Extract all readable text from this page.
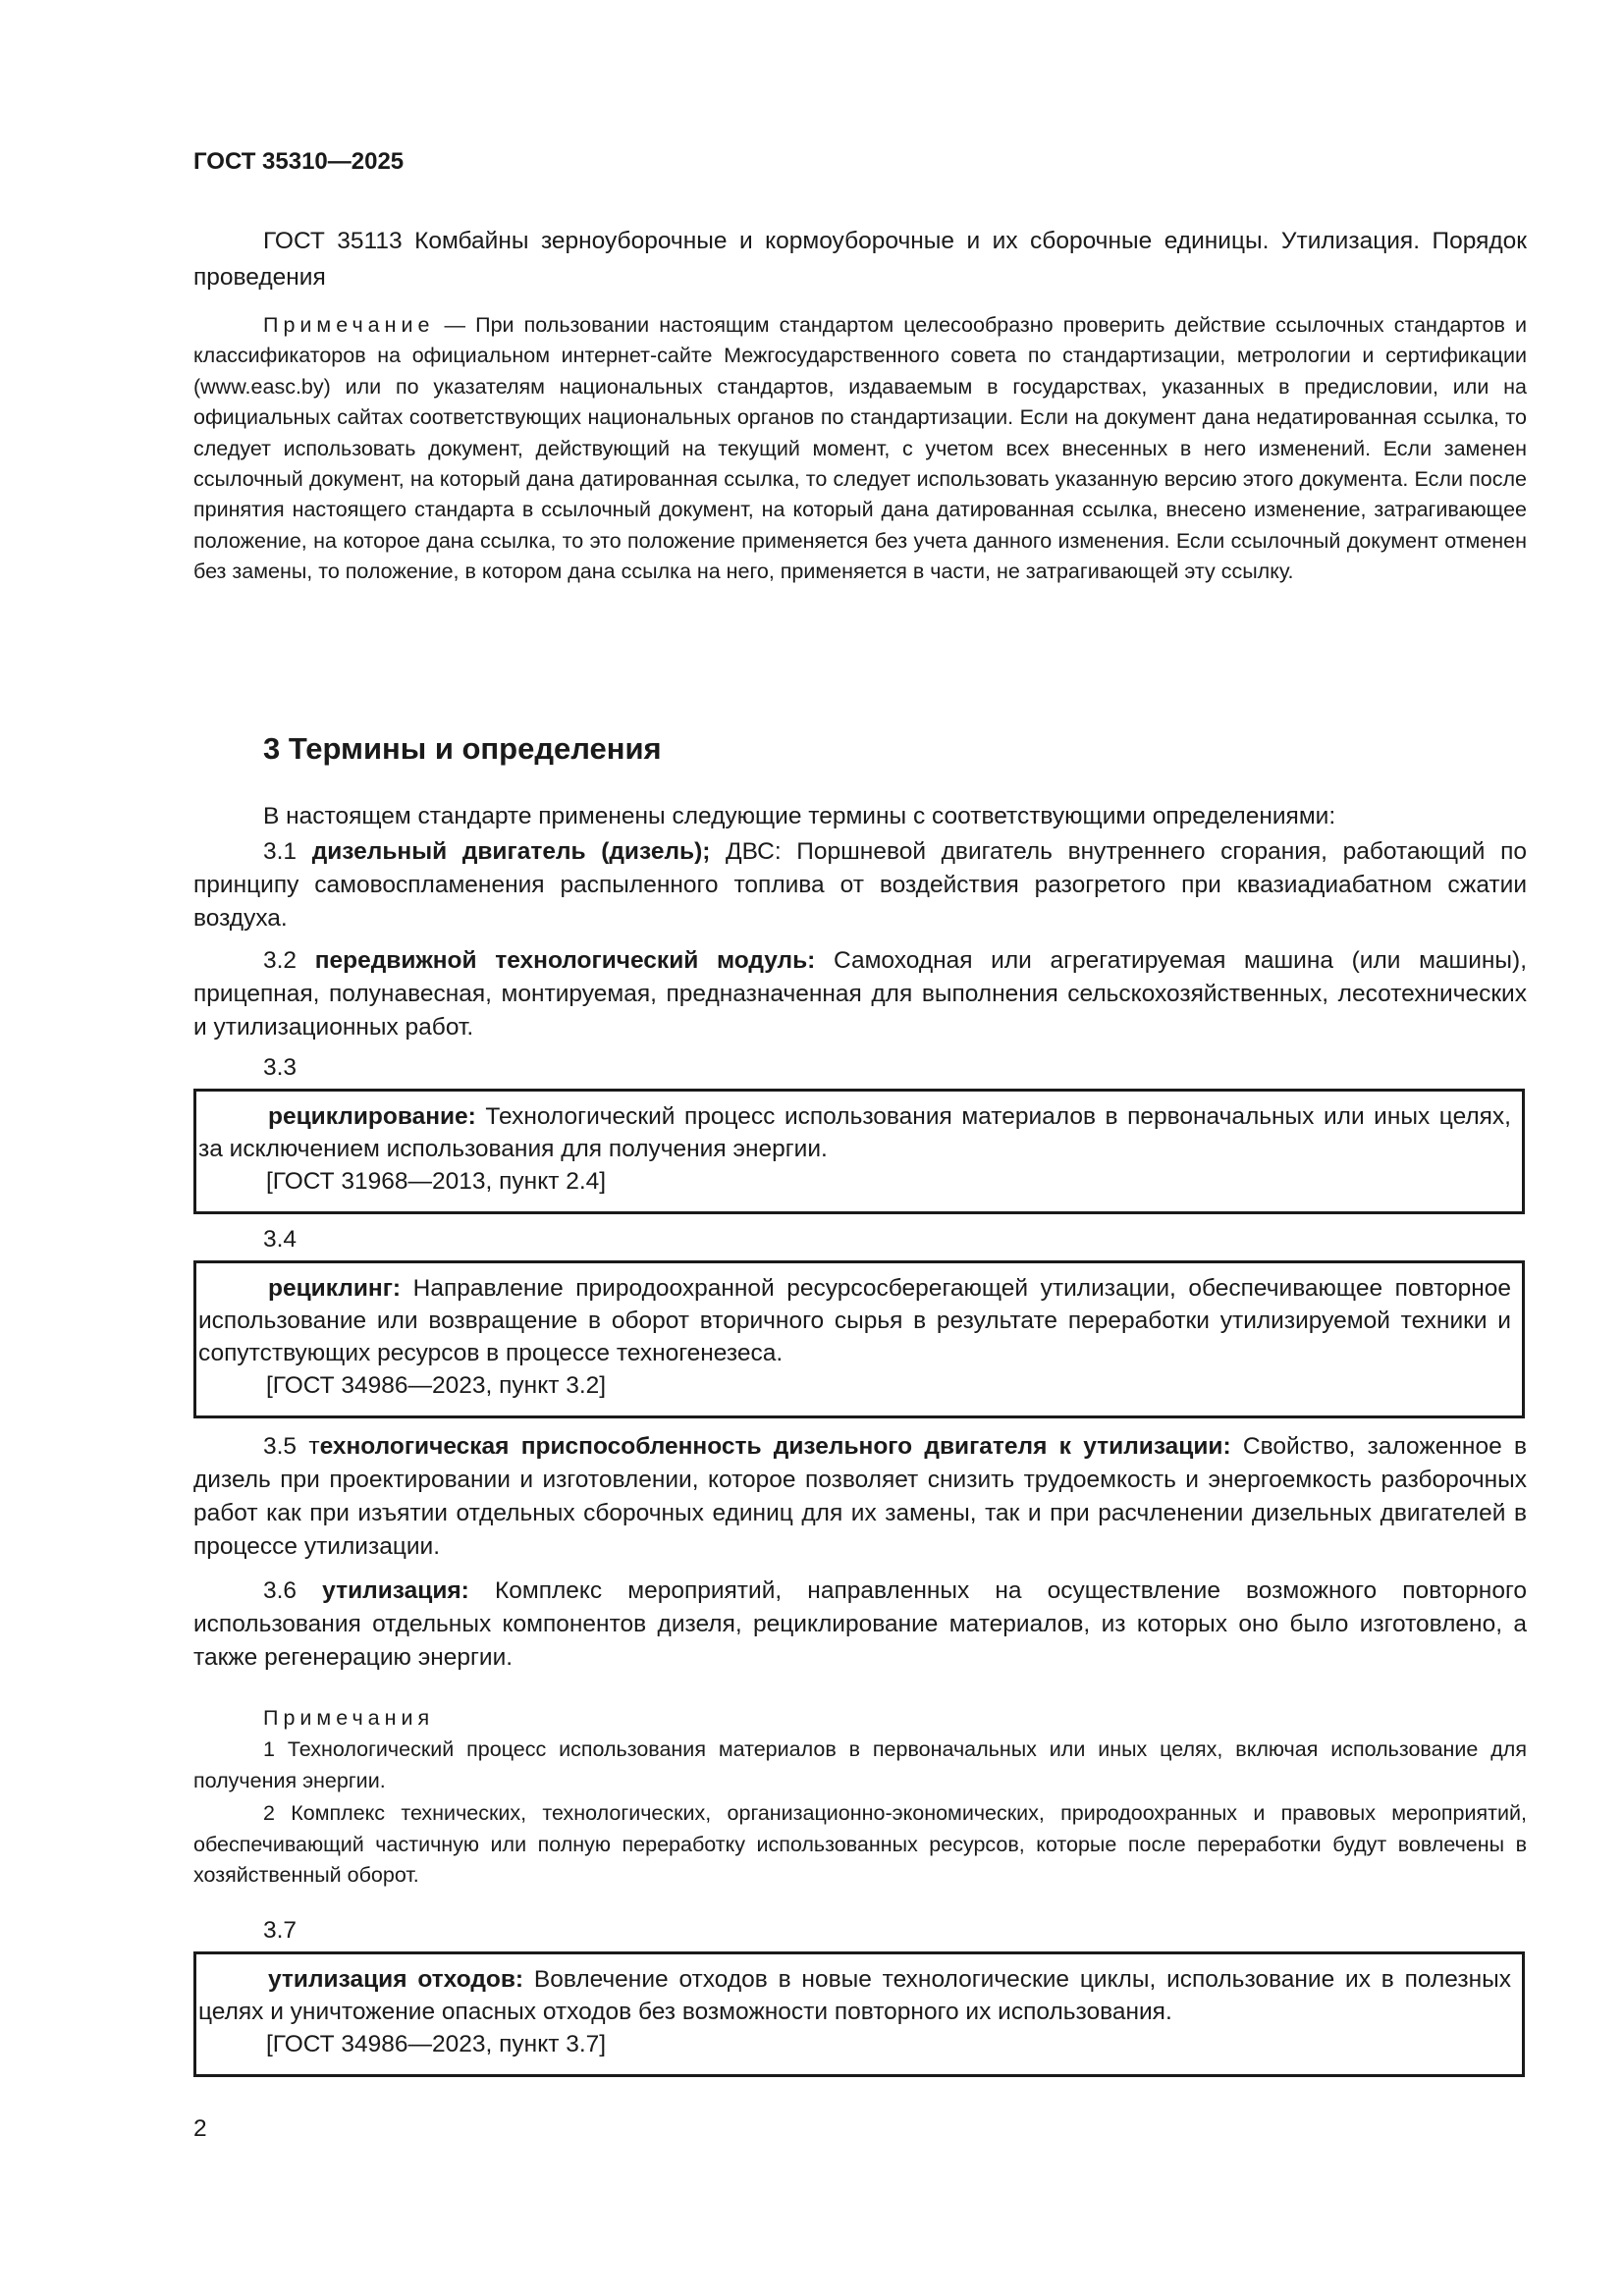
ГОСТ 35310—2025
ГОСТ 35113 Комбайны зерноуборочные и кормоуборочные и их сборочные единицы. Утилизация. Порядок проведения
Примечание — При пользовании настоящим стандартом целесообразно проверить действие ссылочных стандартов и классификаторов на официальном интернет-сайте Межгосударственного совета по стандартизации, метрологии и сертификации (www.easc.by) или по указателям национальных стандартов, издаваемым в государствах, указанных в предисловии, или на официальных сайтах соответствующих национальных органов по стандартизации. Если на документ дана недатированная ссылка, то следует использовать документ, действующий на текущий момент, с учетом всех внесенных в него изменений. Если заменен ссылочный документ, на который дана датированная ссылка, то следует использовать указанную версию этого документа. Если после принятия настоящего стандарта в ссылочный документ, на который дана датированная ссылка, внесено изменение, затрагивающее положение, на которое дана ссылка, то это положение применяется без учета данного изменения. Если ссылочный документ отменен без замены, то положение, в котором дана ссылка на него, применяется в части, не затрагивающей эту ссылку.
3 Термины и определения
В настоящем стандарте применены следующие термины с соответствующими определениями:
3.1 дизельный двигатель (дизель); ДВС: Поршневой двигатель внутреннего сгорания, работающий по принципу самовоспламенения распыленного топлива от воздействия разогретого при квазиадиабатном сжатии воздуха.
3.2 передвижной технологический модуль: Самоходная или агрегатируемая машина (или машины), прицепная, полунавесная, монтируемая, предназначенная для выполнения сельскохозяйственных, лесотехнических и утилизационных работ.
3.3
рециклирование: Технологический процесс использования материалов в первоначальных или иных целях, за исключением использования для получения энергии.
[ГОСТ 31968—2013, пункт 2.4]
3.4
рециклинг: Направление природоохранной ресурсосберегающей утилизации, обеспечивающее повторное использование или возвращение в оборот вторичного сырья в результате переработки утилизируемой техники и сопутствующих ресурсов в процессе техногенезеса.
[ГОСТ 34986—2023, пункт 3.2]
3.5 технологическая приспособленность дизельного двигателя к утилизации: Свойство, заложенное в дизель при проектировании и изготовлении, которое позволяет снизить трудоемкость и энергоемкость разборочных работ как при изъятии отдельных сборочных единиц для их замены, так и при расчленении дизельных двигателей в процессе утилизации.
3.6 утилизация: Комплекс мероприятий, направленных на осуществление возможного повторного использования отдельных компонентов дизеля, рециклирование материалов, из которых оно было изготовлено, а также регенерацию энергии.
Примечания
1 Технологический процесс использования материалов в первоначальных или иных целях, включая использование для получения энергии.
2 Комплекс технических, технологических, организационно-экономических, природоохранных и правовых мероприятий, обеспечивающий частичную или полную переработку использованных ресурсов, которые после переработки будут вовлечены в хозяйственный оборот.
3.7
утилизация отходов: Вовлечение отходов в новые технологические циклы, использование их в полезных целях и уничтожение опасных отходов без возможности повторного их использования.
[ГОСТ 34986—2023, пункт 3.7]
2
